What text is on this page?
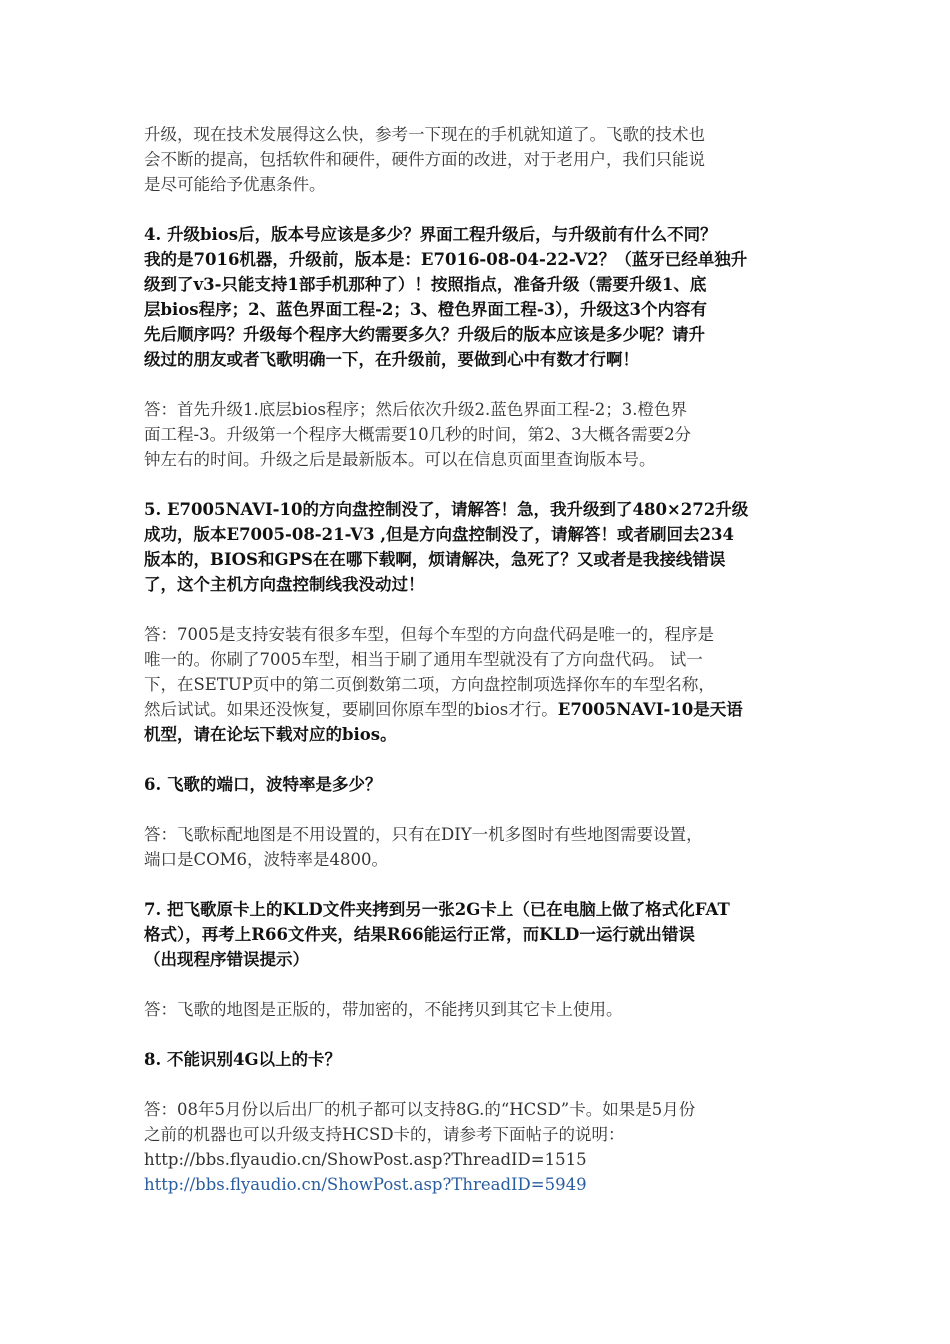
升级，现在技术发展得这么快，参考一下现在的手机就知道了。飞歌的技术也
会不断的提高，包括软件和硬件，硬件方面的改进，对于老用户，我们只能说
是尽可能给予优惠条件。

4. 升级bios后，版本号应该是多少？界面工程升级后，与升级前有什么不同？
我的是7016机器，升级前，版本是：E7016-08-04-22-V2？（蓝牙已经单独升
级到了v3-只能支持1部手机那种了）！按照指点，准备升级（需要升级1、底
层bios程序；2、蓝色界面工程-2；3、橙色界面工程-3），升级这3个内容有
先后顺序吗？升级每个程序大约需要多久？升级后的版本应该是多少呢？请升
级过的朋友或者飞歌明确一下，在升级前，要做到心中有数才行啊！

答：首先升级1.底层bios程序；然后依次升级2.蓝色界面工程-2；3.橙色界
面工程-3。升级第一个程序大概需要10几秒的时间，第2、3大概各需要2分
钟左右的时间。升级之后是最新版本。可以在信息页面里查询版本号。

5. E7005NAVI-10的方向盘控制没了，请解答！急，我升级到了480×272升级
成功，版本E7005-08-21-V3 ,但是方向盘控制没了，请解答！或者刷回去234
版本的，BIOS和GPS在在哪下载啊，烦请解决，急死了？又或者是我接线错误
了，这个主机方向盘控制线我没动过！

答：7005是支持安装有很多车型，但每个车型的方向盘代码是唯一的，程序是
唯一的。你刷了7005车型，相当于刷了通用车型就没有了方向盘代码。 试一
下，在SETUP页中的第二页倒数第二项，方向盘控制项选择你车的车型名称，
然后试试。如果还没恢复，要刷回你原车型的bios才行。E7005NAVI-10是天语
机型，请在论坛下载对应的bios。

6. 飞歌的端口，波特率是多少？

答：飞歌标配地图是不用设置的，只有在DIY一机多图时有些地图需要设置，
端口是COM6，波特率是4800。

7. 把飞歌原卡上的KLD文件夹拷到另一张2G卡上（已在电脑上做了格式化FAT
格式），再考上R66文件夹，结果R66能运行正常，而KLD一运行就出错误
（出现程序错误提示）

答：飞歌的地图是正版的，带加密的，不能拷贝到其它卡上使用。

8. 不能识别4G以上的卡？

答：08年5月份以后出厂的机子都可以支持8G.的“HCSD”卡。如果是5月份
之前的机器也可以升级支持HCSD卡的，请参考下面帖子的说明：

http://bbs.flyaudio.cn/ShowPost.asp?ThreadID=1515
http://bbs.flyaudio.cn/ShowPost.asp?ThreadID=5949
